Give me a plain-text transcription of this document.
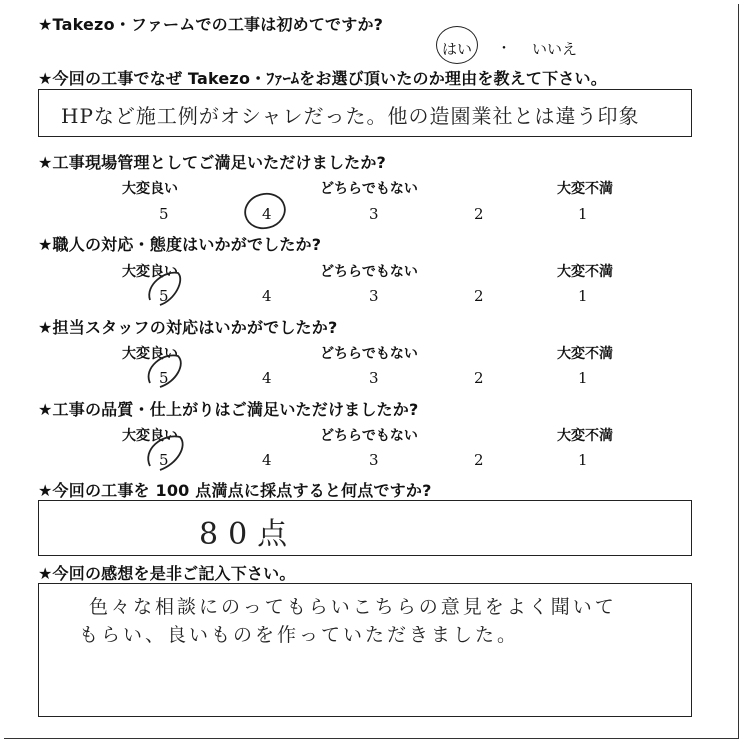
★Takezo・ファームでの工事は初めてですか?
はい ・ いいえ
★今回の工事でなぜ Takezo・ﾌｧｰﾑをお選び頂いたのか理由を教えて下さい。
HPなど施工例がオシャレだった。他の造園業社とは違う印象
★工事現場管理としてご満足いただけましたか?
大変良い	どちらでもない	大変不満
5	4	3	2	1
★職人の対応・態度はいかがでしたか?
大変良い	どちらでもない	大変不満
5	4	3	2	1
★担当スタッフの対応はいかがでしたか?
大変良い	どちらでもない	大変不満
5	4	3	2	1
★工事の品質・仕上がりはご満足いただけましたか?
大変良い	どちらでもない	大変不満
5	4	3	2	1
★今回の工事を 100 点満点に採点すると何点ですか?
80点
★今回の感想を是非ご記入下さい。
色々な相談にのってもらいこちらの意見をよく聞いて
もらい、良いものを作っていただきました。
